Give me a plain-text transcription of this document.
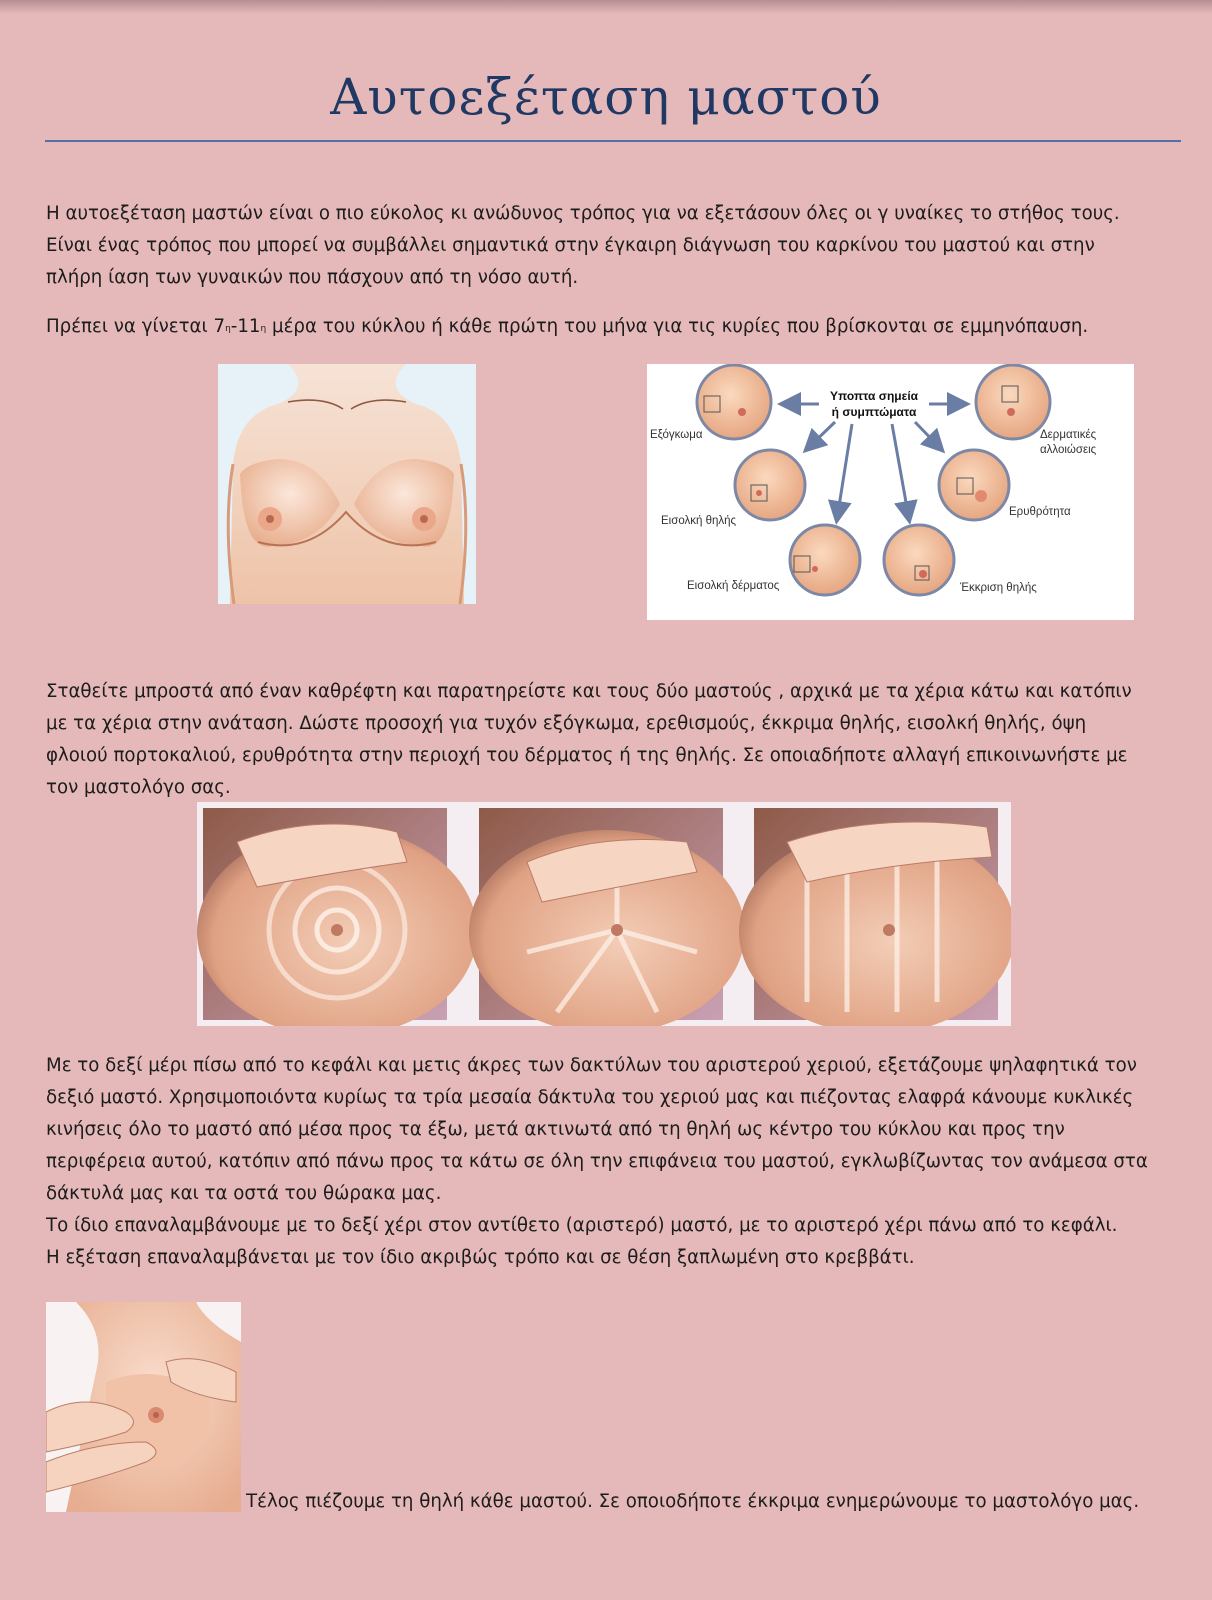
Αυτοεξέταση μαστού

Η αυτοεξέταση μαστών είναι ο πιο εύκολος κι ανώδυνος τρόπος για να εξετάσουν όλες οι γ υναίκες το στήθος τους.

Είναι ένας τρόπος που μπορεί να συμβάλλει σημαντικά στην έγκαιρη διάγνωση του καρκίνου του μαστού και στην

πλήρη ίαση των γυναικών που πάσχουν από τη νόσο αυτή.

Πρέπει να γίνεται $7^\eta-11^\eta$ μέρα του κύκλου ή κάθε πρώτη του μήνα για τις κυρίες που βρίσκονται σε εμμηνόπαυση.

Υποπτα σημεία
ή συμπτώματα
Εξόγκωμα	Δερματικές
αλλοιώσεις
Εισολκή θηλής
Ερυθρότητα
Εισολκή δέρματος	Έκκριση θηλής

Σταθείτε μπροστά από έναν καθρέφτη και παρατηρείστε και τους δύο μαστούς , αρχικά με τα χέρια κάτω και κατόπιν

με τα χέρια στην ανάταση. Δώστε προσοχή για τυχόν εξόγκωμα, ερεθισμούς, έκκριμα θηλής, εισολκή θηλής, όψη

φλοιού πορτοκαλιού, ερυθρότητα στην περιοχή του δέρματος ή της θηλής. Σε οποιαδήποτε αλλαγή επικοινωνήστε με

τον μαστολόγο σας.

Με το δεξί μέρι πίσω από το κεφάλι και μετις άκρες των δακτύλων του αριστερού χεριού, εξετάζουμε ψηλαφητικά τον

δεξιό μαστό. Χρησιμοποιόντα κυρίως τα τρία μεσαία δάκτυλα του χεριού μας και πιέζοντας ελαφρά κάνουμε κυκλικές

κινήσεις όλο το μαστό από μέσα προς τα έξω, μετά ακτινωτά από τη θηλή ως κέντρο του κύκλου και προς την

περιφέρεια αυτού, κατόπιν από πάνω προς τα κάτω σε όλη την επιφάνεια του μαστού, εγκλωβίζωντας τον ανάμεσα στα

δάκτυλά μας και τα οστά του θώρακα μας.

Το ίδιο επαναλαμβάνουμε με το δεξί χέρι στον αντίθετο (αριστερό) μαστό, με το αριστερό χέρι πάνω από το κεφάλι.

Η εξέταση επαναλαμβάνεται με τον ίδιο ακριβώς τρόπο και σε θέση ξαπλωμένη στο κρεββάτι.

Τέλος πιέζουμε τη θηλή κάθε μαστού. Σε οποιοδήποτε έκκριμα ενημερώνουμε το μαστολόγο μας.
